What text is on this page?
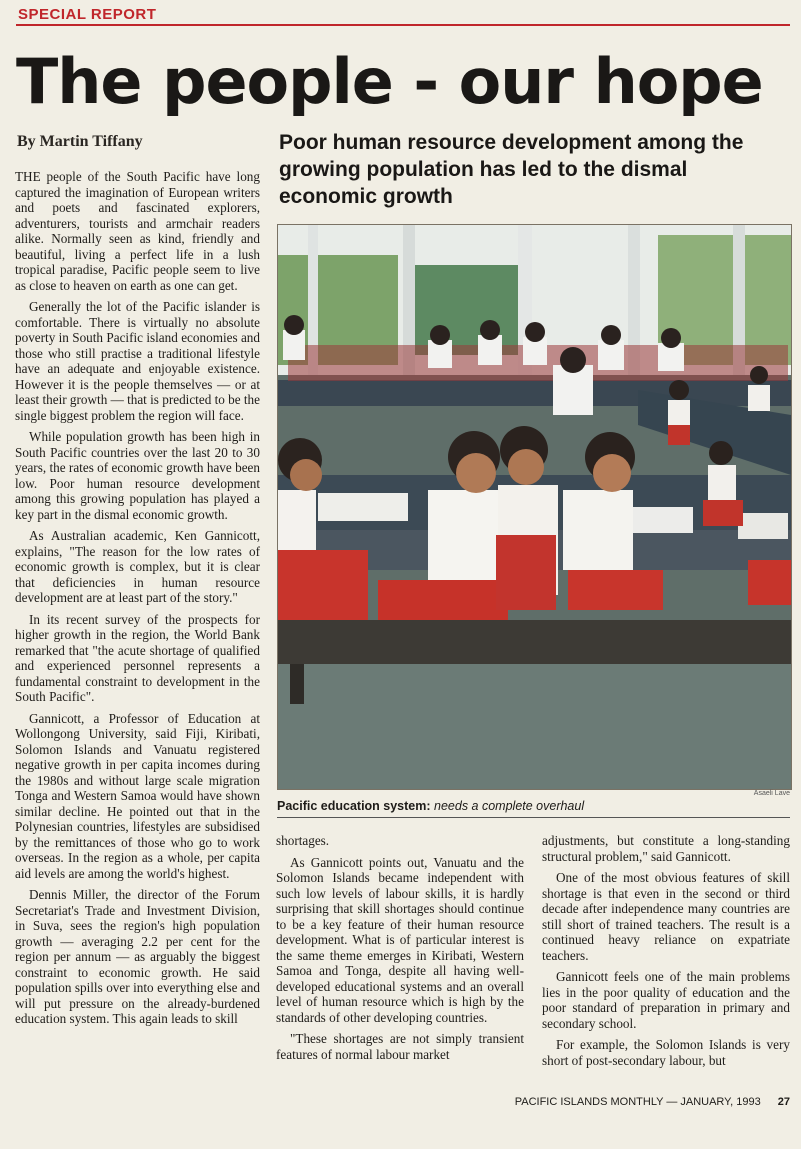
SPECIAL REPORT
The people - our hope
By Martin Tiffany	Poor human resource development among the growing population has led to the dismal economic growth

THE people of the South Pacific have long captured the imagination of European writers and poets and fascinated explorers, adventurers, tourists and armchair readers alike. Normally seen as kind, friendly and beautiful, living a perfect life in a lush tropical paradise, Pacific people seem to live as close to heaven on earth as one can get.

Generally the lot of the Pacific islander is comfortable. There is virtually no absolute poverty in South Pacific island economies and those who still practise a traditional lifestyle have an adequate and enjoyable existence. However it is the people themselves — or at least their growth — that is predicted to be the single biggest problem the region will face.

While population growth has been high in South Pacific countries over the last 20 to 30 years, the rates of economic growth have been low. Poor human resource development among this growing population has played a key part in the dismal economic growth.

As Australian academic, Ken Gannicott, explains, "The reason for the low rates of economic growth is complex, but it is clear that deficiencies in human resource development are at least part of the story."

In its recent survey of the prospects for higher growth in the region, the World Bank remarked that "the acute shortage of qualified and experienced personnel represents a fundamental constraint to development in the South Pacific".

Gannicott, a Professor of Education at Wollongong University, said Fiji, Kiribati, Solomon Islands and Vanuatu registered negative growth in per capita incomes during the 1980s and without large scale migration Tonga and Western Samoa would have shown similar decline. He pointed out that in the Polynesian countries, lifestyles are subsidised by the remittances of those who go to work overseas. In the region as a whole, per capita aid levels are among the world's highest.

Dennis Miller, the director of the Forum Secretariat's Trade and Investment Division, in Suva, sees the region's high population growth — averaging 2.2 per cent for the region per annum — as arguably the biggest constraint to economic growth. He said population spills over into everything else and will put pressure on the already-burdened education system. This again leads to skill

Asaeli Lave
Pacific education system: needs a complete overhaul

shortages.

As Gannicott points out, Vanuatu and the Solomon Islands became independent with such low levels of labour skills, it is hardly surprising that skill shortages should continue to be a key feature of their human resource development. What is of particular interest is the same theme emerges in Kiribati, Western Samoa and Tonga, despite all having well-developed educational systems and an overall level of human resource which is high by the standards of other developing countries.

"These shortages are not simply transient features of normal labour market

adjustments, but constitute a long-standing structural problem," said Gannicott.

One of the most obvious features of skill shortage is that even in the second or third decade after independence many countries are still short of trained teachers. The result is a continued heavy reliance on expatriate teachers.

Gannicott feels one of the main problems lies in the poor quality of education and the poor standard of preparation in primary and secondary school.

For example, the Solomon Islands is very short of post-secondary labour, but

PACIFIC ISLANDS MONTHLY — JANUARY, 1993 27
